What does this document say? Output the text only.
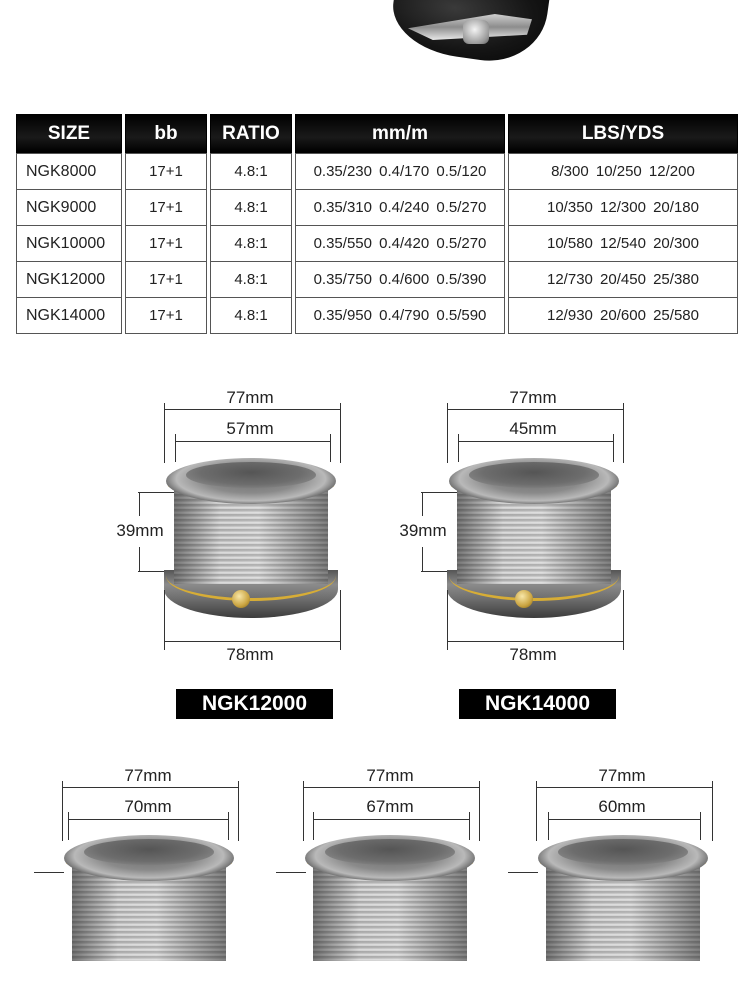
SIZE	bb	RATIO	mm/m	LBS/YDS
NGK8000	17+1	4.8:1	0.35/230 0.4/170 0.5/120	8/300 10/250 12/200
NGK9000	17+1	4.8:1	0.35/310 0.4/240 0.5/270	10/350 12/300 20/180
NGK10000	17+1	4.8:1	0.35/550 0.4/420 0.5/270	10/580 12/540 20/300
NGK12000	17+1	4.8:1	0.35/750 0.4/600 0.5/390	12/730 20/450 25/380
NGK14000	17+1	4.8:1	0.35/950 0.4/790 0.5/590	12/930 20/600 25/580
77mm
57mm
39mm
78mm
NGK12000
77mm
45mm
39mm
78mm
NGK14000
77mm
70mm
77mm
67mm
77mm
60mm
